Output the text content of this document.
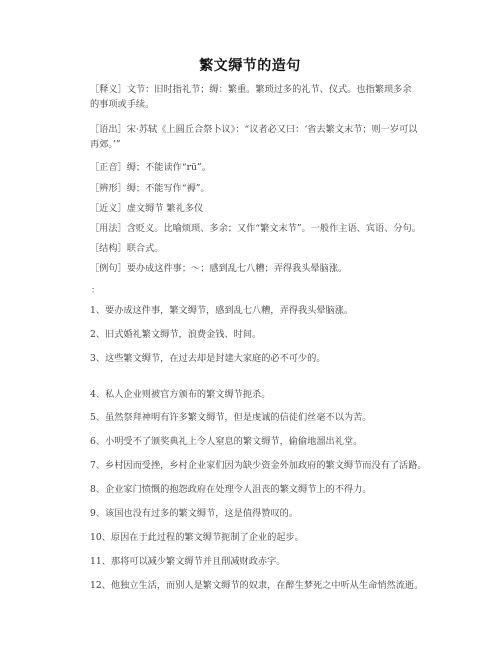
繁文缛节的造句
［释义］文节：旧时指礼节；缛：繁重。繁琐过多的礼节、仪式。也指繁琐多余的事项或手续。
［语出］宋·苏轼《上圆丘合祭卜议》：“议者必又曰：‘省去繁文末节；则一岁可以再郊。’”
［正音］缛；不能读作“rū”。
［辨形］缛；不能写作“褥”。
［近义］虚文缛节 繁礼多仪
［用法］含贬义。比喻烦琐、多余；又作“繁文末节”。一般作主语、宾语、分句。
［结构］联合式。
［例句］要办成这件事；～；感到乱七八糟；弄得我头晕脑涨。
：
1、要办成这件事，繁文缛节，感到乱七八糟，弄得我头晕脑涨。
2、旧式婚礼繁文缛节，浪费金钱、时间。
3、这些繁文缛节，在过去却是封建大家庭的必不可少的。
4、私人企业则被官方颁布的繁文缛节扼杀。
5、虽然祭拜神明有许多繁文缛节，但是虔诚的信徒们丝毫不以为苦。
6、小明受不了颁奖典礼上令人窒息的繁文缛节，偷偷地溜出礼堂。
7、乡村因而受挫，乡村企业家们因为缺少资金外加政府的繁文缛节而没有了活路。
8、企业家门愤慨的抱怨政府在处理令人沮丧的繁文缛节上的不得力。
9、该国也没有过多的繁文缛节，这是值得赞叹的。
10、原因在于此过程的繁文缛节扼制了企业的起步。
11、那将可以减少繁文缛节并且削减财政赤字。
12、他独立生活，而别人是繁文缛节的奴隶，在醉生梦死之中听从生命悄然流逝。
